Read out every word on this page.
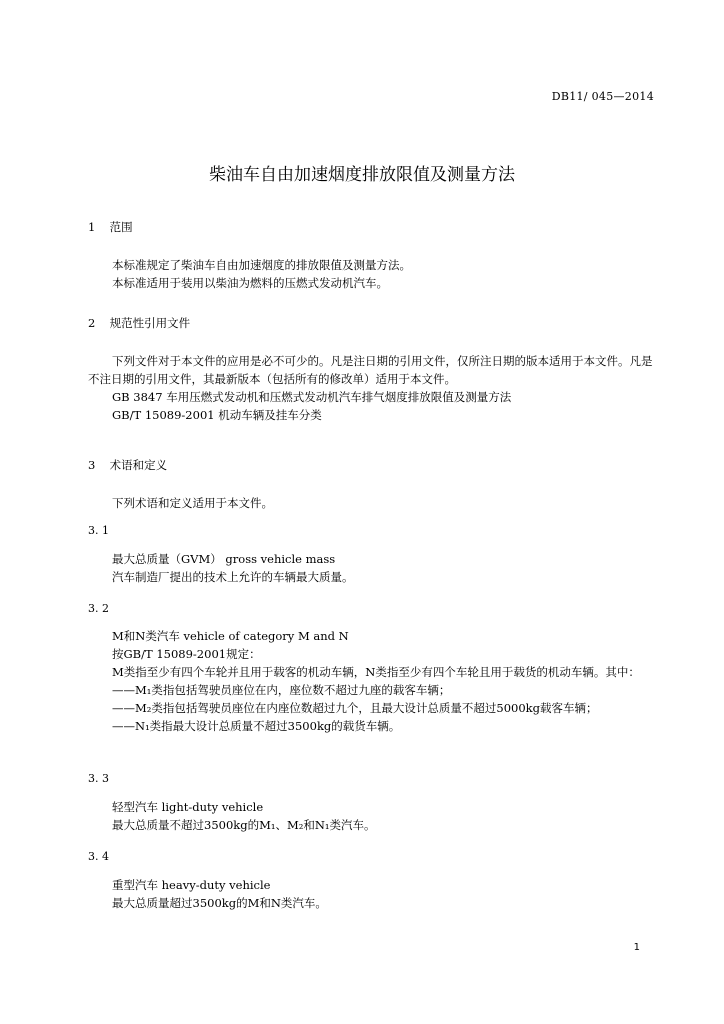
DB11/ 045—2014
柴油车自由加速烟度排放限值及测量方法
1 范围

本标准规定了柴油车自由加速烟度的排放限值及测量方法。

本标准适用于装用以柴油为燃料的压燃式发动机汽车。

2 规范性引用文件

下列文件对于本文件的应用是必不可少的。凡是注日期的引用文件，仅所注日期的版本适用于本文件。凡是不注日期的引用文件，其最新版本（包括所有的修改单）适用于本文件。

GB 3847 车用压燃式发动机和压燃式发动机汽车排气烟度排放限值及测量方法

GB/T 15089-2001 机动车辆及挂车分类

3 术语和定义

下列术语和定义适用于本文件。

3. 1

最大总质量（GVM） gross vehicle mass

汽车制造厂提出的技术上允许的车辆最大质量。

3. 2

M和N类汽车 vehicle of category M and N

按GB/T 15089-2001规定：

M类指至少有四个车轮并且用于载客的机动车辆，N类指至少有四个车轮且用于载货的机动车辆。其中：

——M₁类指包括驾驶员座位在内，座位数不超过九座的载客车辆；

——M₂类指包括驾驶员座位在内座位数超过九个，且最大设计总质量不超过5000kg载客车辆；

——N₁类指最大设计总质量不超过3500kg的载货车辆。

3. 3

轻型汽车 light-duty vehicle

最大总质量不超过3500kg的M₁、M₂和N₁类汽车。

3. 4

重型汽车 heavy-duty vehicle

最大总质量超过3500kg的M和N类汽车。

1
